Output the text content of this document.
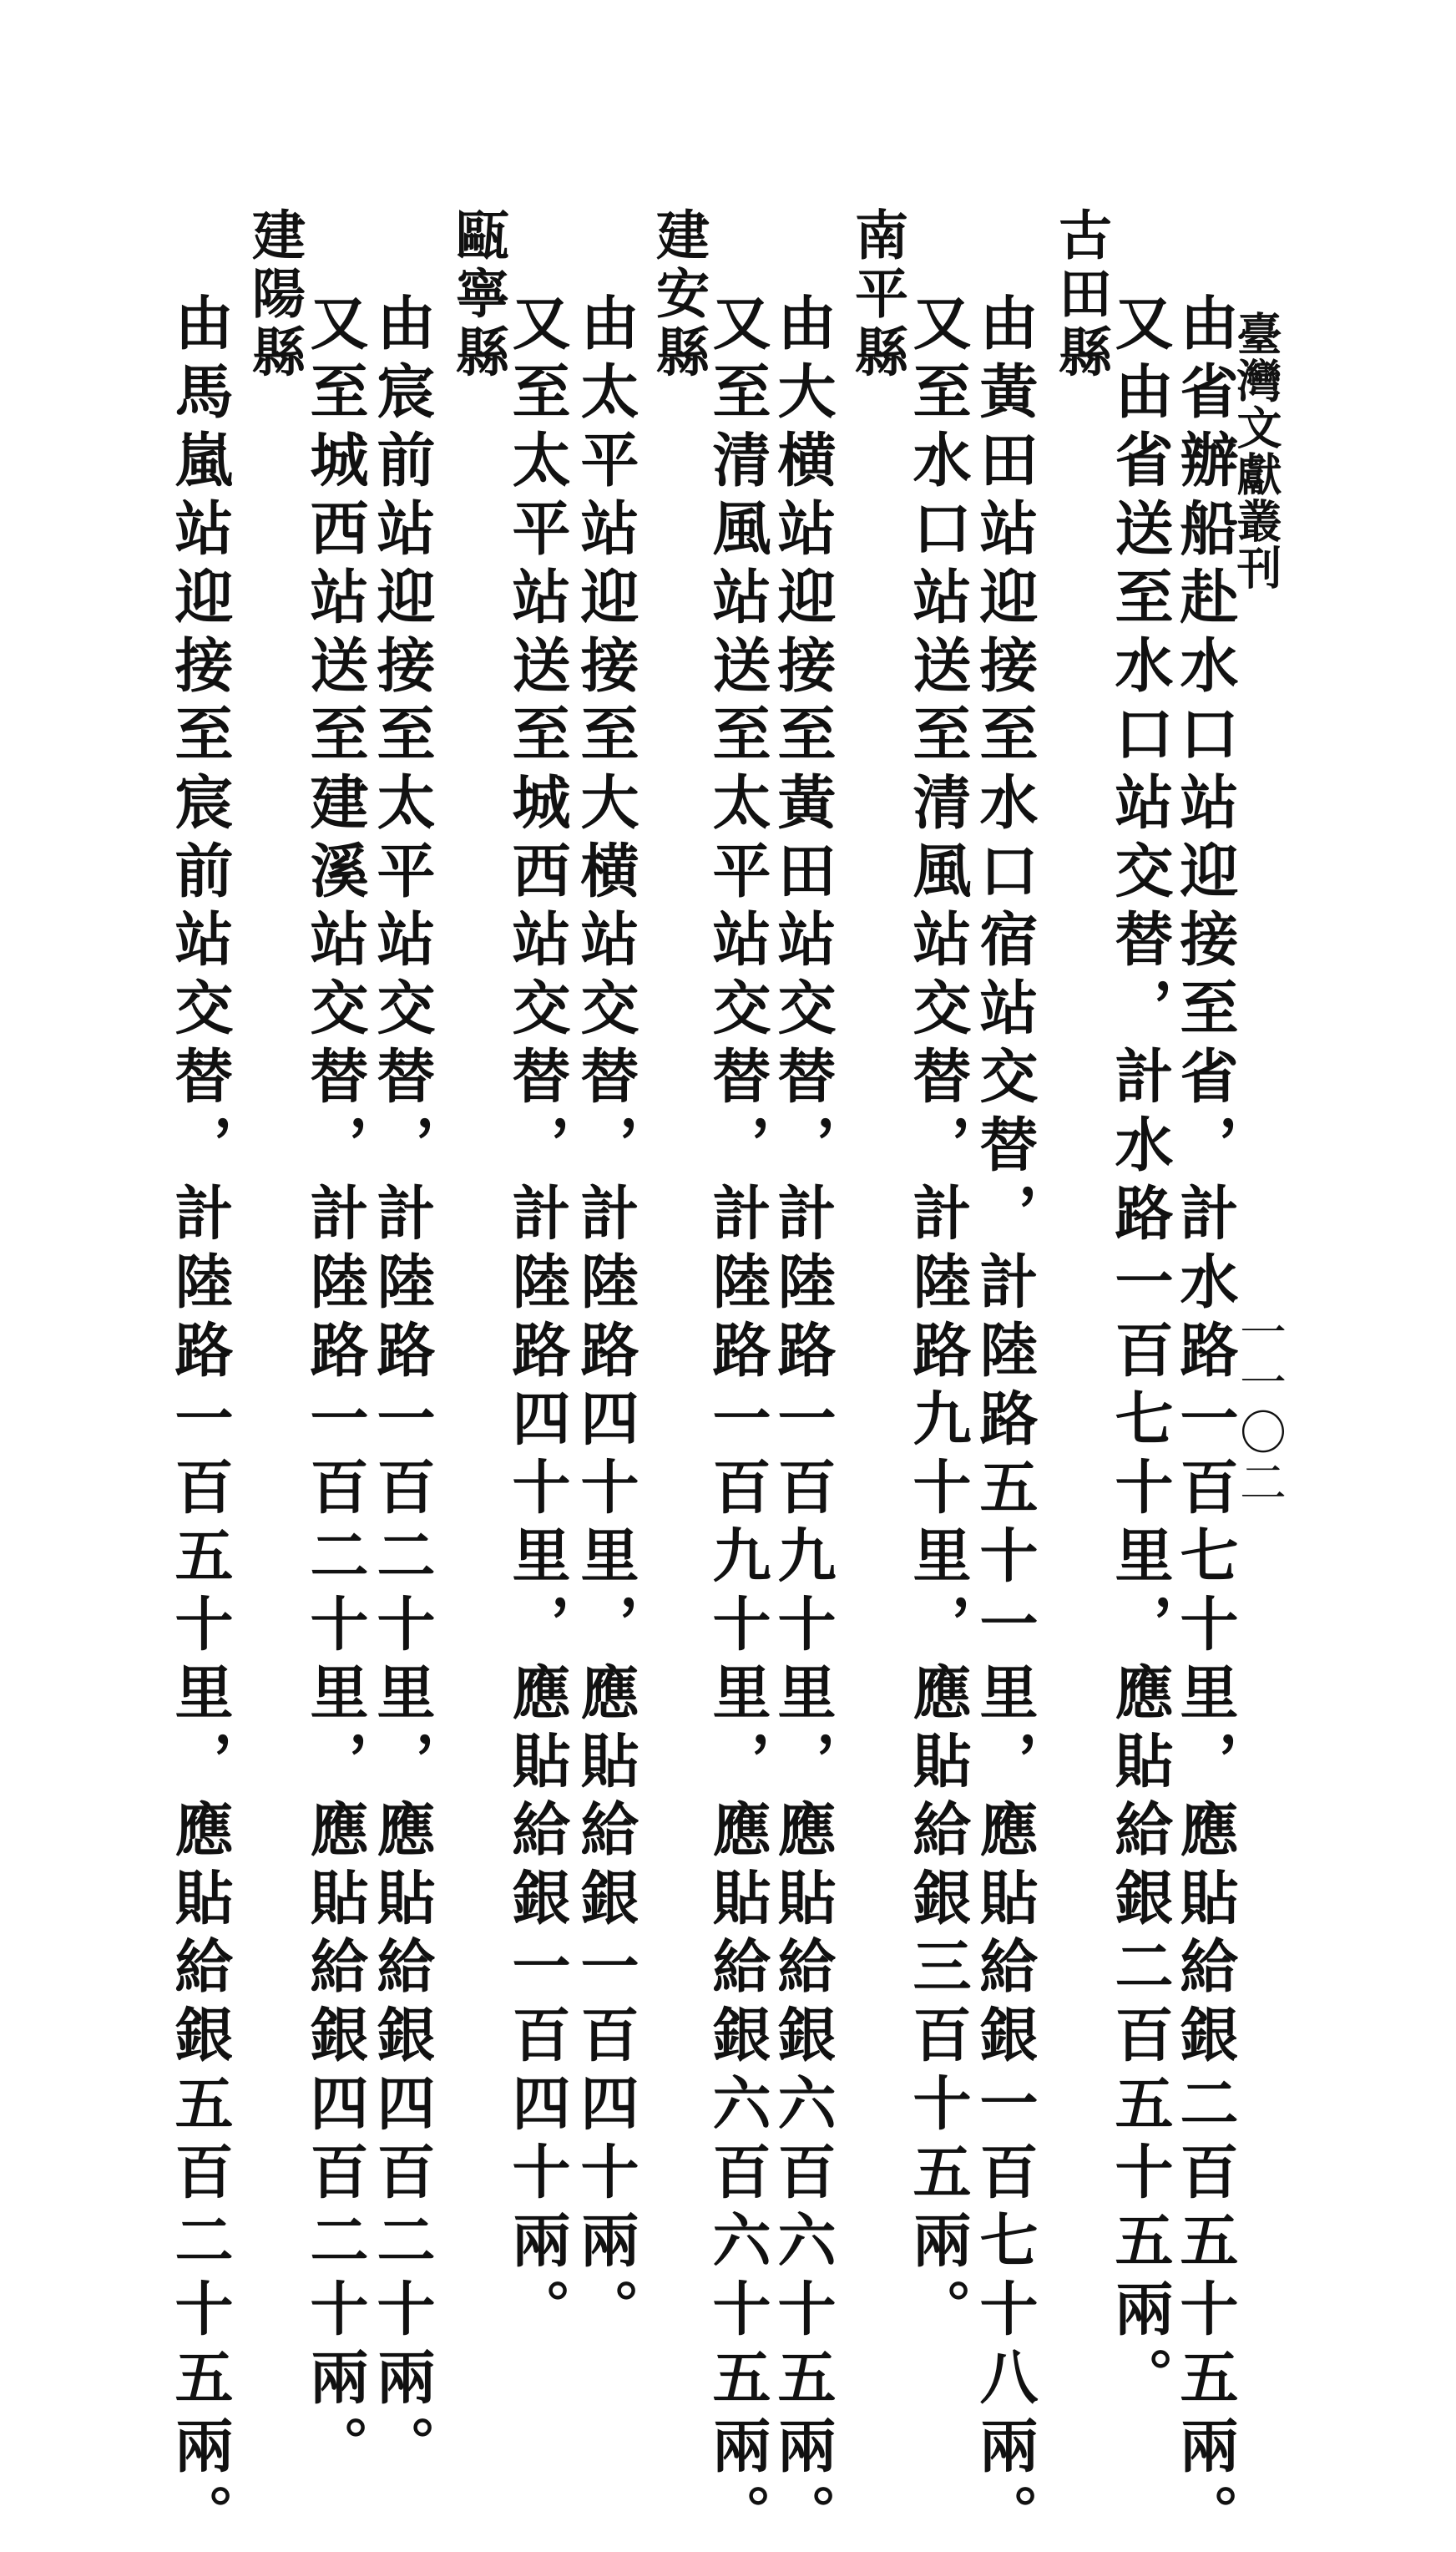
臺灣文獻叢刊
一一〇二
由省辦船赴水口站迎接至省，計水路一百七十里，應貼給銀二百五十五兩。
又由省送至水口站交替，計水路一百七十里，應貼給銀二百五十五兩。
古田縣
由黃田站迎接至水口宿站交替，計陸路五十一里，應貼給銀一百七十八兩。
又至水口站送至清風站交替，計陸路九十里，應貼給銀三百十五兩。
南平縣
由大横站迎接至黃田站交替，計陸路一百九十里，應貼給銀六百六十五兩。
又至清風站送至太平站交替，計陸路一百九十里，應貼給銀六百六十五兩。
建安縣
由太平站迎接至大横站交替，計陸路四十里，應貼給銀一百四十兩。
又至太平站送至城西站交替，計陸路四十里，應貼給銀一百四十兩。
甌寧縣
由宸前站迎接至太平站交替，計陸路一百二十里，應貼給銀四百二十兩。
又至城西站送至建溪站交替，計陸路一百二十里，應貼給銀四百二十兩。
建陽縣
由馬嵐站迎接至宸前站交替，計陸路一百五十里，應貼給銀五百二十五兩。
